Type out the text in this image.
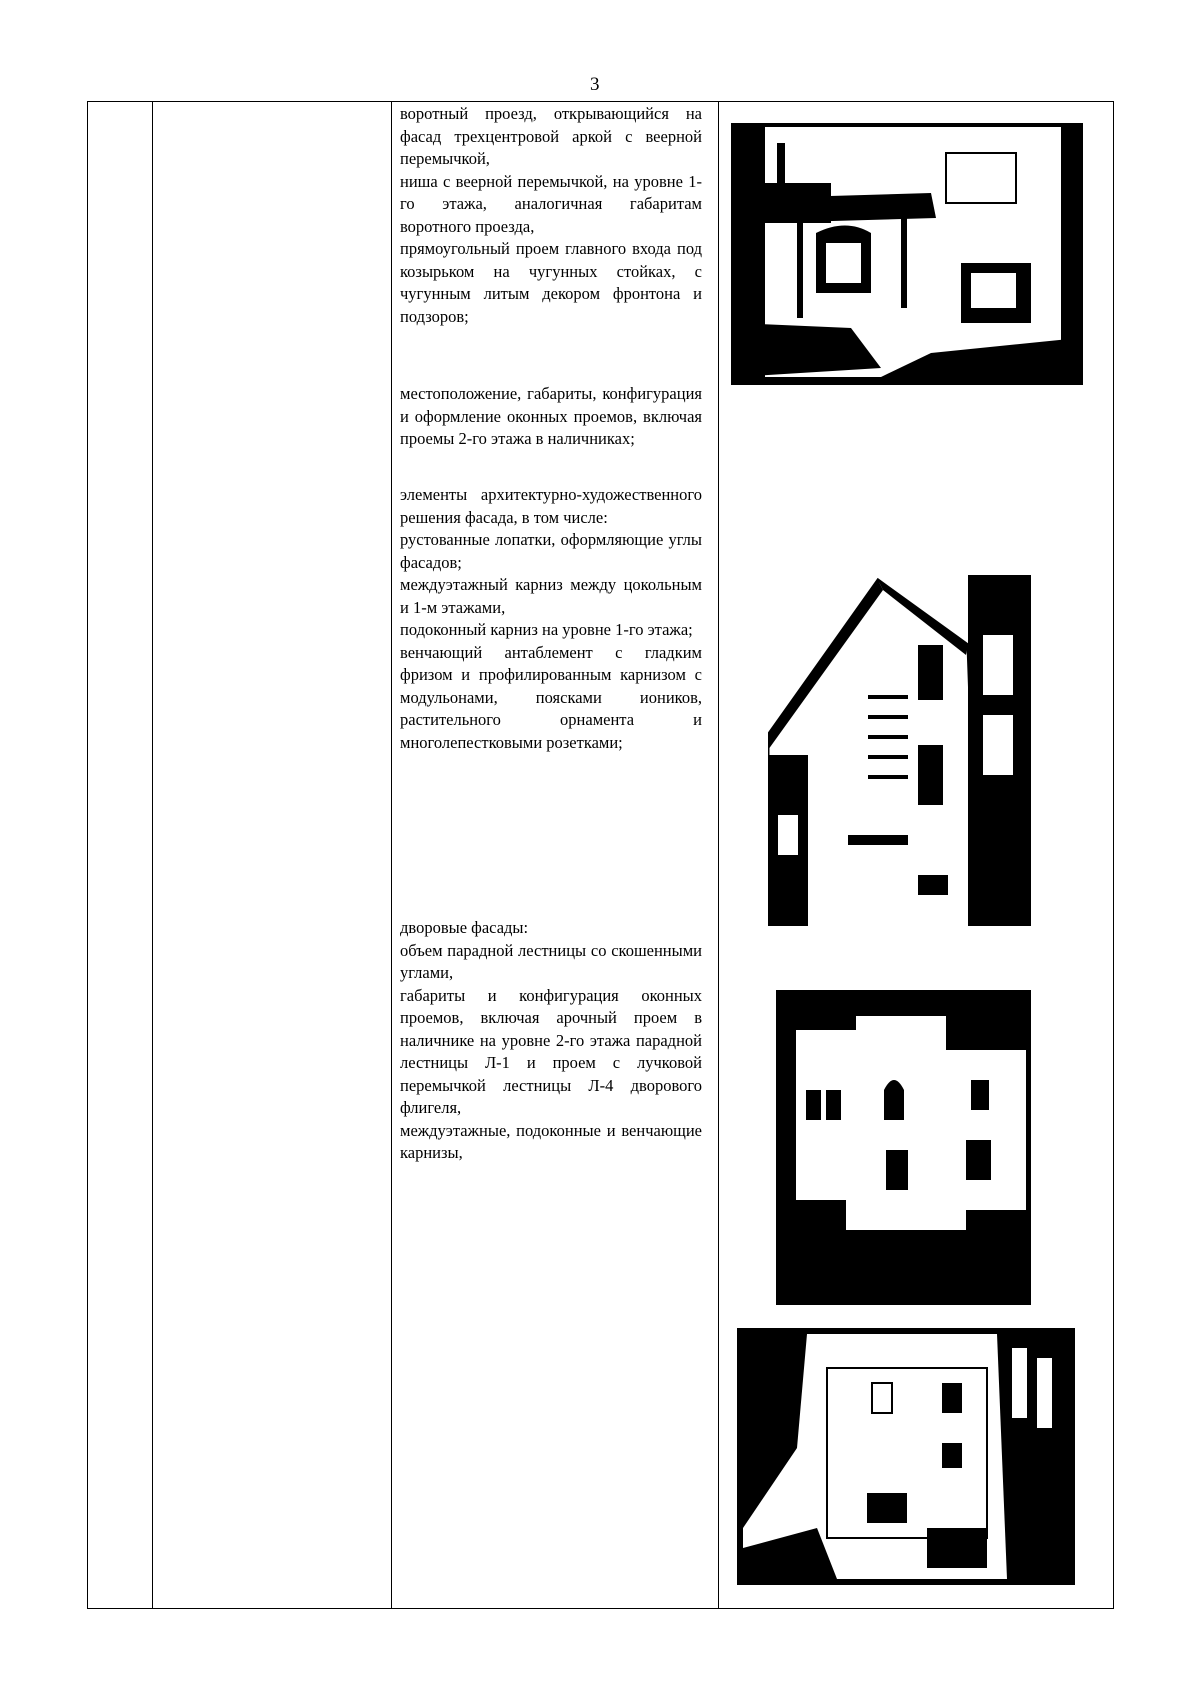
3

воротный проезд, открывающийся на фасад трехцентровой аркой с веерной перемычкой,

ниша с веерной перемычкой, на уровне 1-го этажа, аналогичная габаритам воротного проезда,

прямоугольный проем главного входа под козырьком на чугунных стойках, с чугунным литым декором фронтона и подзоров;

местоположение, габариты, конфигурация и оформление оконных проемов, включая проемы 2-го этажа в наличниках;

элементы архитектурно-художественного решения фасада, в том числе:

рустованные лопатки, оформляющие углы фасадов;

междуэтажный карниз между цокольным и 1-м этажами,

подоконный карниз на уровне 1-го этажа;

венчающий антаблемент с гладким фризом и профилированным карнизом с модульонами, поясками иоников, растительного орнамента и многолепестковыми розетками;

дворовые фасады:

объем парадной лестницы со скошенными углами,

габариты и конфигурация оконных проемов, включая арочный проем в наличнике на уровне 2-го этажа парадной лестницы Л-1 и проем с лучковой перемычкой лестницы Л-4 дворового флигеля,

междуэтажные, подоконные и венчающие карнизы,
